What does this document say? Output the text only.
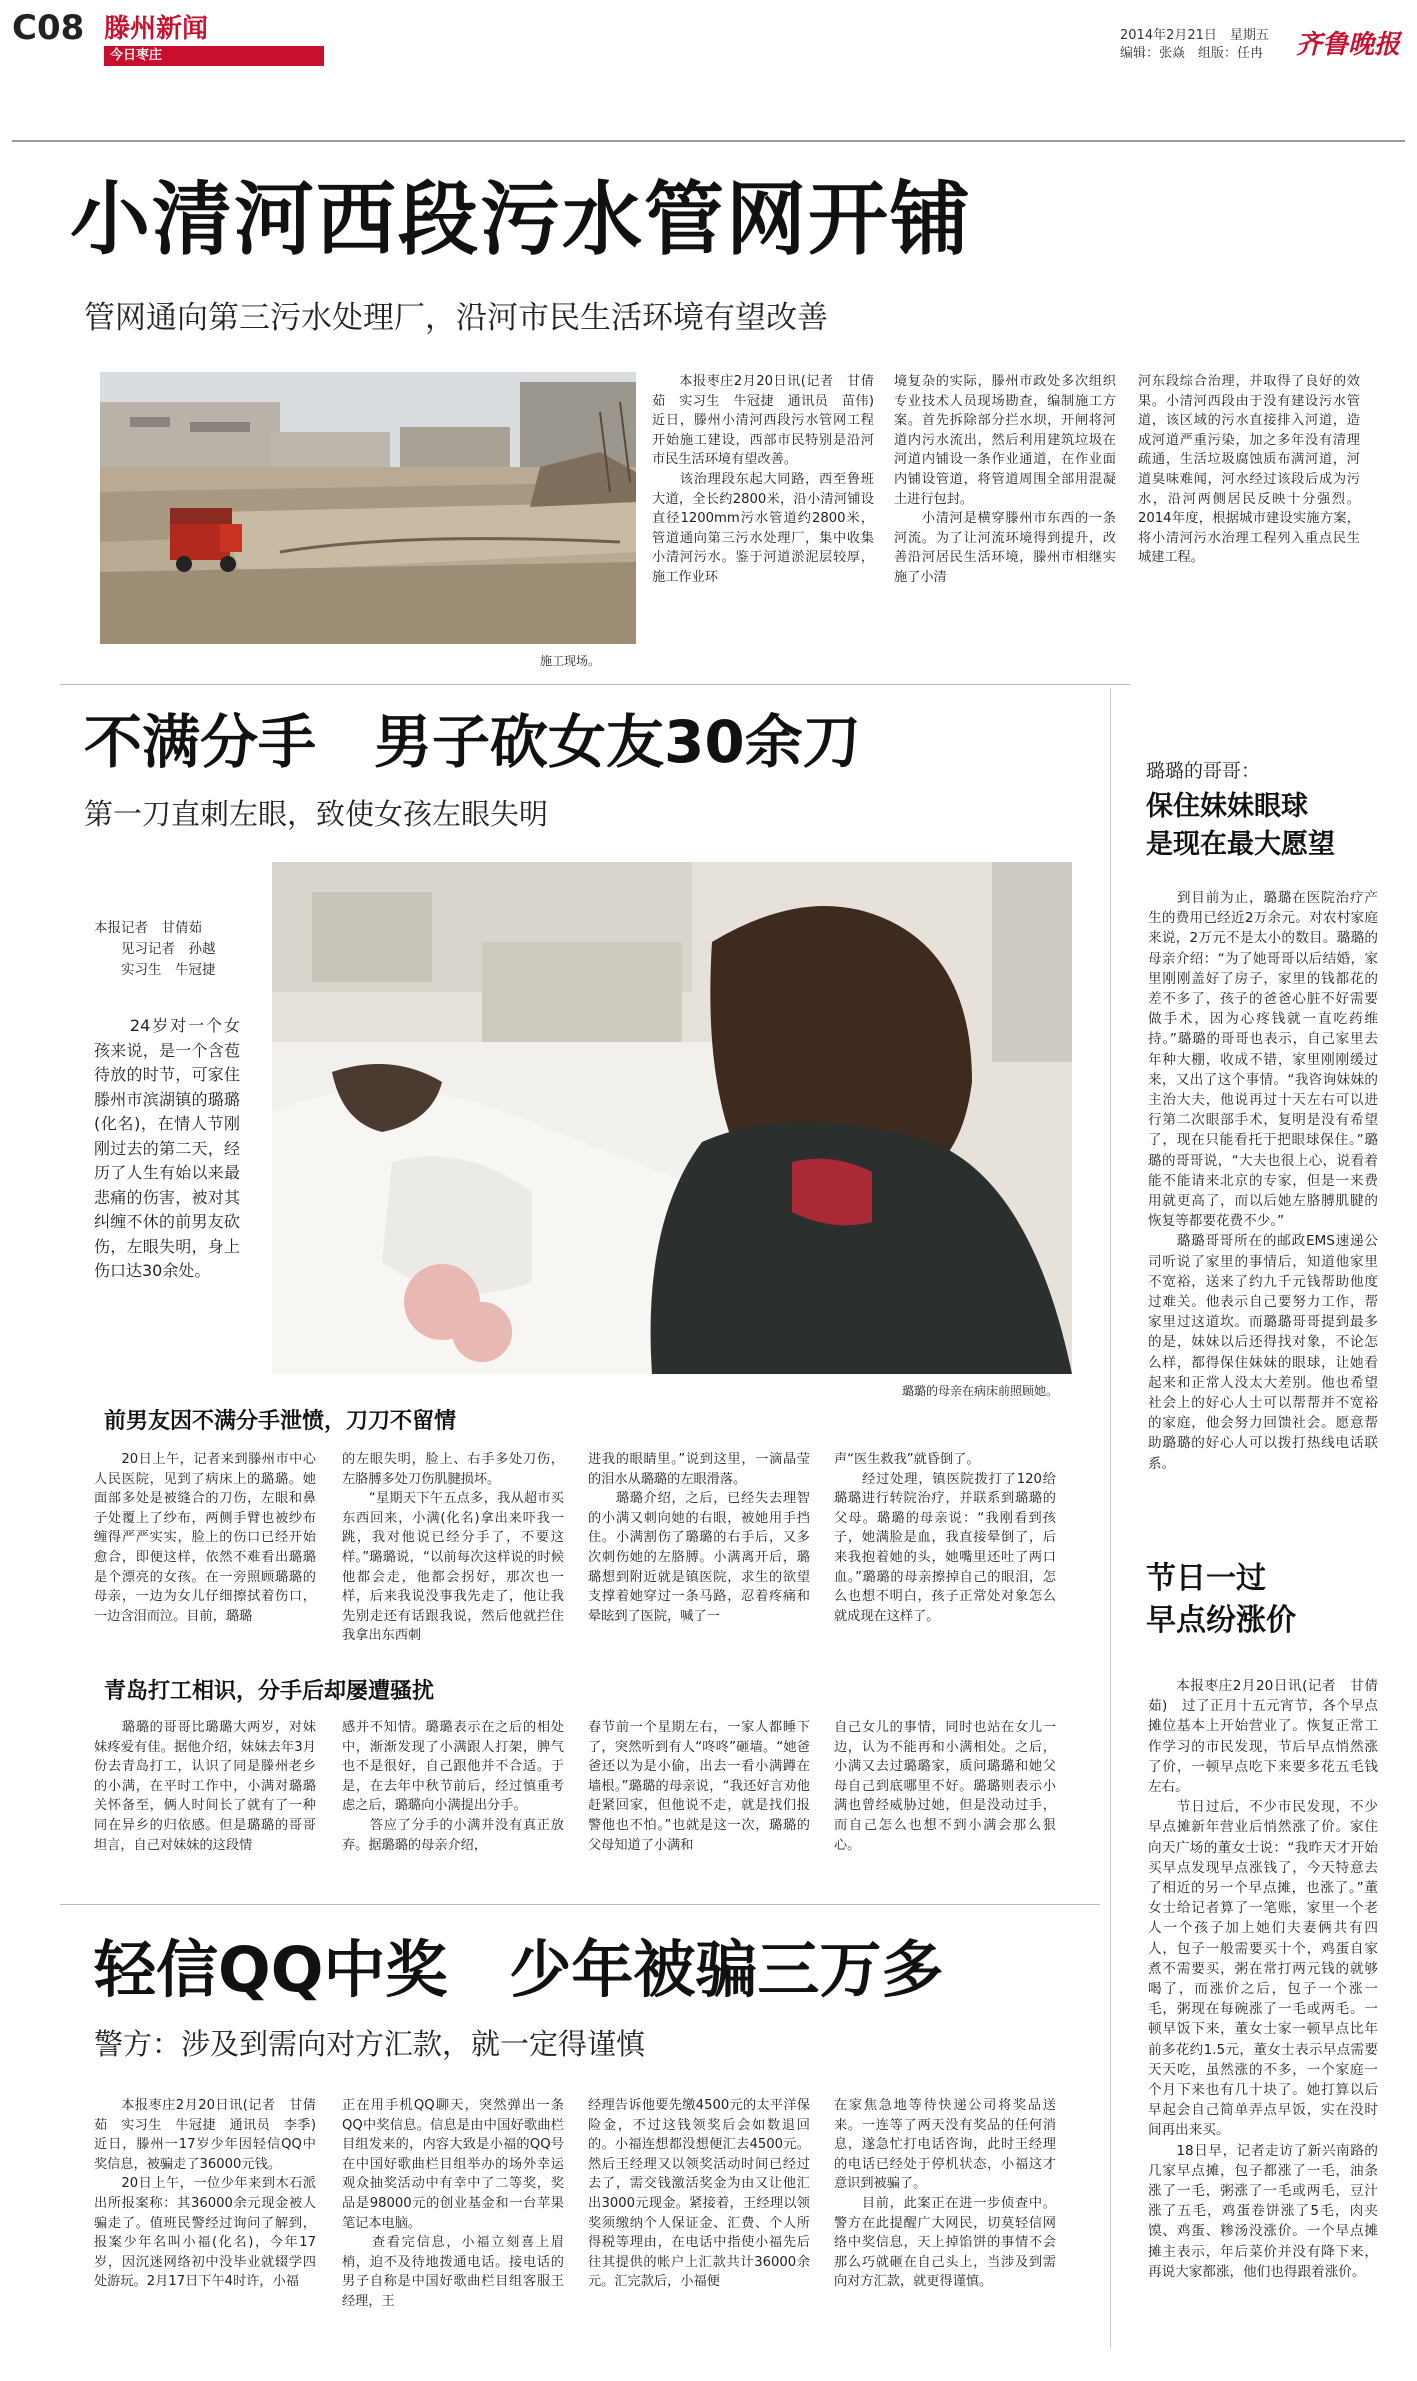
C08 滕州新闻
今日枣庄
2014年2月21日　星期五
编辑：张焱　组版：任冉 齐鲁晚报
小清河西段污水管网开铺
管网通向第三污水处理厂，沿河市民生活环境有望改善
施工现场。
　　本报枣庄2月20日讯(记者　甘倩茹　实习生　牛冠捷　通讯员　苗伟)　近日，滕州小清河西段污水管网工程开始施工建设，西部市民特别是沿河市民生活环境有望改善。
　　该治理段东起大同路，西至鲁班大道，全长约2800米，沿小清河铺设直径1200mm污水管道约2800米，管道通向第三污水处理厂，集中收集小清河污水。鉴于河道淤泥层较厚，施工作业环
境复杂的实际，滕州市政处多次组织专业技术人员现场勘查，编制施工方案。首先拆除部分拦水坝，开闸将河道内污水流出，然后利用建筑垃圾在河道内铺设一条作业通道，在作业面内铺设管道，将管道周围全部用混凝土进行包封。
　　小清河是横穿滕州市东西的一条河流。为了让河流环境得到提升，改善沿河居民生活环境，滕州市相继实施了小清
河东段综合治理，并取得了良好的效果。小清河西段由于没有建设污水管道，该区域的污水直接排入河道，造成河道严重污染，加之多年没有清理疏通，生活垃圾腐蚀质布满河道，河道臭味难闻，河水经过该段后成为污水，沿河两侧居民反映十分强烈。2014年度，根据城市建设实施方案，将小清河污水治理工程列入重点民生城建工程。
不满分手　男子砍女友30余刀
第一刀直刺左眼，致使女孩左眼失明
本报记者　甘倩茹
　　见习记者　孙越
　　实习生　牛冠捷
　　24岁对一个女孩来说，是一个含苞待放的时节，可家住滕州市滨湖镇的璐璐(化名)，在情人节刚刚过去的第二天，经历了人生有始以来最悲痛的伤害，被对其纠缠不休的前男友砍伤，左眼失明，身上伤口达30余处。
璐璐的母亲在病床前照顾她。
前男友因不满分手泄愤，刀刀不留情
　　20日上午，记者来到滕州市中心人民医院，见到了病床上的璐璐。她面部多处是被缝合的刀伤，左眼和鼻子处覆上了纱布，两侧手臂也被纱布缠得严严实实，脸上的伤口已经开始愈合，即便这样，依然不难看出璐璐是个漂亮的女孩。在一旁照顾璐璐的母亲，一边为女儿仔细擦拭着伤口，一边含泪而泣。目前，璐璐
的左眼失明，脸上、右手多处刀伤，左胳膊多处刀伤肌腱损坏。
　　“星期天下午五点多，我从超市买东西回来，小满(化名)拿出来吓我一跳，我对他说已经分手了，不要这样。”璐璐说，“以前每次这样说的时候他都会走，他都会拐好，那次也一样，后来我说没事我先走了，他让我先别走还有话跟我说，然后他就拦住我拿出东西刺
进我的眼睛里。”说到这里，一滴晶莹的泪水从璐璐的左眼滑落。
　　璐璐介绍，之后，已经失去理智的小满又刺向她的右眼，被她用手挡住。小满割伤了璐璐的右手后，又多次刺伤她的左胳膊。小满离开后，璐璐想到附近就是镇医院，求生的欲望支撑着她穿过一条马路，忍着疼痛和晕眩到了医院，喊了一
声“医生救我”就昏倒了。
　　经过处理，镇医院拨打了120给璐璐进行转院治疗，并联系到璐璐的父母。璐璐的母亲说：“我刚看到孩子，她满脸是血，我直接晕倒了，后来我抱着她的头，她嘴里还吐了两口血。”璐璐的母亲擦掉自己的眼泪，怎么也想不明白，孩子正常处对象怎么就成现在这样了。
青岛打工相识，分手后却屡遭骚扰
　　璐璐的哥哥比璐璐大两岁，对妹妹疼爱有佳。据他介绍，妹妹去年3月份去青岛打工，认识了同是滕州老乡的小满，在平时工作中，小满对璐璐关怀备至，俩人时间长了就有了一种同在异乡的归依感。但是璐璐的哥哥坦言，自己对妹妹的这段情
感并不知情。璐璐表示在之后的相处中，渐渐发现了小满跟人打架，脾气也不是很好，自己跟他并不合适。于是，在去年中秋节前后，经过慎重考虑之后，璐璐向小满提出分手。
　　答应了分手的小满并没有真正放弃。据璐璐的母亲介绍，
春节前一个星期左右，一家人都睡下了，突然听到有人“咚咚”砸墙。“她爸爸还以为是小偷，出去一看小满蹲在墙根。”璐璐的母亲说，“我还好言劝他赶紧回家，但他说不走，就是找们报警他也不怕。”也就是这一次，璐璐的父母知道了小满和
自己女儿的事情，同时也站在女儿一边，认为不能再和小满相处。之后，小满又去过璐璐家，质问璐璐和她父母自己到底哪里不好。璐璐则表示小满也曾经威胁过她，但是没动过手，而自己怎么也想不到小满会那么狠心。
璐璐的哥哥：
保住妹妹眼球
是现在最大愿望
　　到目前为止，璐璐在医院治疗产生的费用已经近2万余元。对农村家庭来说，2万元不是太小的数目。璐璐的母亲介绍：“为了她哥哥以后结婚，家里刚刚盖好了房子，家里的钱都花的差不多了，孩子的爸爸心脏不好需要做手术，因为心疼钱就一直吃药维持。”璐璐的哥哥也表示，自己家里去年种大棚，收成不错，家里刚刚缓过来，又出了这个事情。“我咨询妹妹的主治大夫，他说再过十天左右可以进行第二次眼部手术，复明是没有希望了，现在只能看托于把眼球保住。”璐璐的哥哥说，“大夫也很上心，说看着能不能请来北京的专家，但是一来费用就更高了，而以后她左胳膊肌腱的恢复等都要花费不少。”
　　璐璐哥哥所在的邮政EMS速递公司听说了家里的事情后，知道他家里不宽裕，送来了约九千元钱帮助他度过难关。他表示自己要努力工作，帮家里过这道坎。而璐璐哥哥提到最多的是，妹妹以后还得找对象，不论怎么样，都得保住妹妹的眼球，让她看起来和正常人没太大差别。他也希望社会上的好心人士可以帮帮并不宽裕的家庭，他会努力回馈社会。愿意帮助璐璐的好心人可以拨打热线电话联系。
节日一过
早点纷涨价
　　本报枣庄2月20日讯(记者　甘倩茹)　过了正月十五元宵节，各个早点摊位基本上开始营业了。恢复正常工作学习的市民发现，节后早点悄然涨了价，一顿早点吃下来要多花五毛钱左右。
　　节日过后，不少市民发现，不少早点摊新年营业后悄然涨了价。家住向天广场的董女士说：“我昨天才开始买早点发现早点涨钱了，今天特意去了相近的另一个早点摊，也涨了。”董女士给记者算了一笔账，家里一个老人一个孩子加上她们夫妻俩共有四人，包子一般需要买十个，鸡蛋自家煮不需要买，粥在常打两元钱的就够喝了，而涨价之后，包子一个涨一毛，粥现在每碗涨了一毛或两毛。一顿早饭下来，董女士家一顿早点比年前多花约1.5元，董女士表示早点需要天天吃，虽然涨的不多，一个家庭一个月下来也有几十块了。她打算以后早起会自己简单弄点早饭，实在没时间再出来买。
　　18日早，记者走访了新兴南路的几家早点摊，包子都涨了一毛，油条涨了一毛，粥涨了一毛或两毛，豆汁涨了五毛，鸡蛋卷饼涨了5毛，肉夹馍、鸡蛋、糁汤没涨价。一个早点摊摊主表示，年后菜价并没有降下来，再说大家都涨，他们也得跟着涨价。
轻信QQ中奖　少年被骗三万多
警方：涉及到需向对方汇款，就一定得谨慎
　　本报枣庄2月20日讯(记者　甘倩茹　实习生　牛冠捷　通讯员　李季)　近日，滕州一17岁少年因轻信QQ中奖信息，被骗走了36000元钱。
　　20日上午，一位少年来到木石派出所报案称：其36000余元现金被人骗走了。值班民警经过询问了解到，报案少年名叫小福(化名)，今年17岁，因沉迷网络初中没毕业就辍学四处游玩。2月17日下午4时许，小福
正在用手机QQ聊天，突然弹出一条QQ中奖信息。信息是由中国好歌曲栏目组发来的，内容大致是小福的QQ号在中国好歌曲栏目组举办的场外幸运观众抽奖活动中有幸中了二等奖，奖品是98000元的创业基金和一台苹果笔记本电脑。
　　查看完信息，小福立刻喜上眉梢，迫不及待地拨通电话。接电话的男子自称是中国好歌曲栏目组客服王经理，王
经理告诉他要先缴4500元的太平洋保险金，不过这钱领奖后会如数退回的。小福连想都没想便汇去4500元。然后王经理又以领奖活动时间已经过去了，需交钱激活奖金为由又让他汇出3000元现金。紧接着，王经理以领奖须缴纳个人保证金、汇费、个人所得税等理由，在电话中指使小福先后往其提供的帐户上汇款共计36000余元。汇完款后，小福便
在家焦急地等待快递公司将奖品送来。一连等了两天没有奖品的任何消息，遂急忙打电话咨询，此时王经理的电话已经处于停机状态，小福这才意识到被骗了。
　　目前，此案正在进一步侦查中。警方在此提醒广大网民，切莫轻信网络中奖信息，天上掉馅饼的事情不会那么巧就砸在自己头上，当涉及到需向对方汇款，就更得谨慎。
